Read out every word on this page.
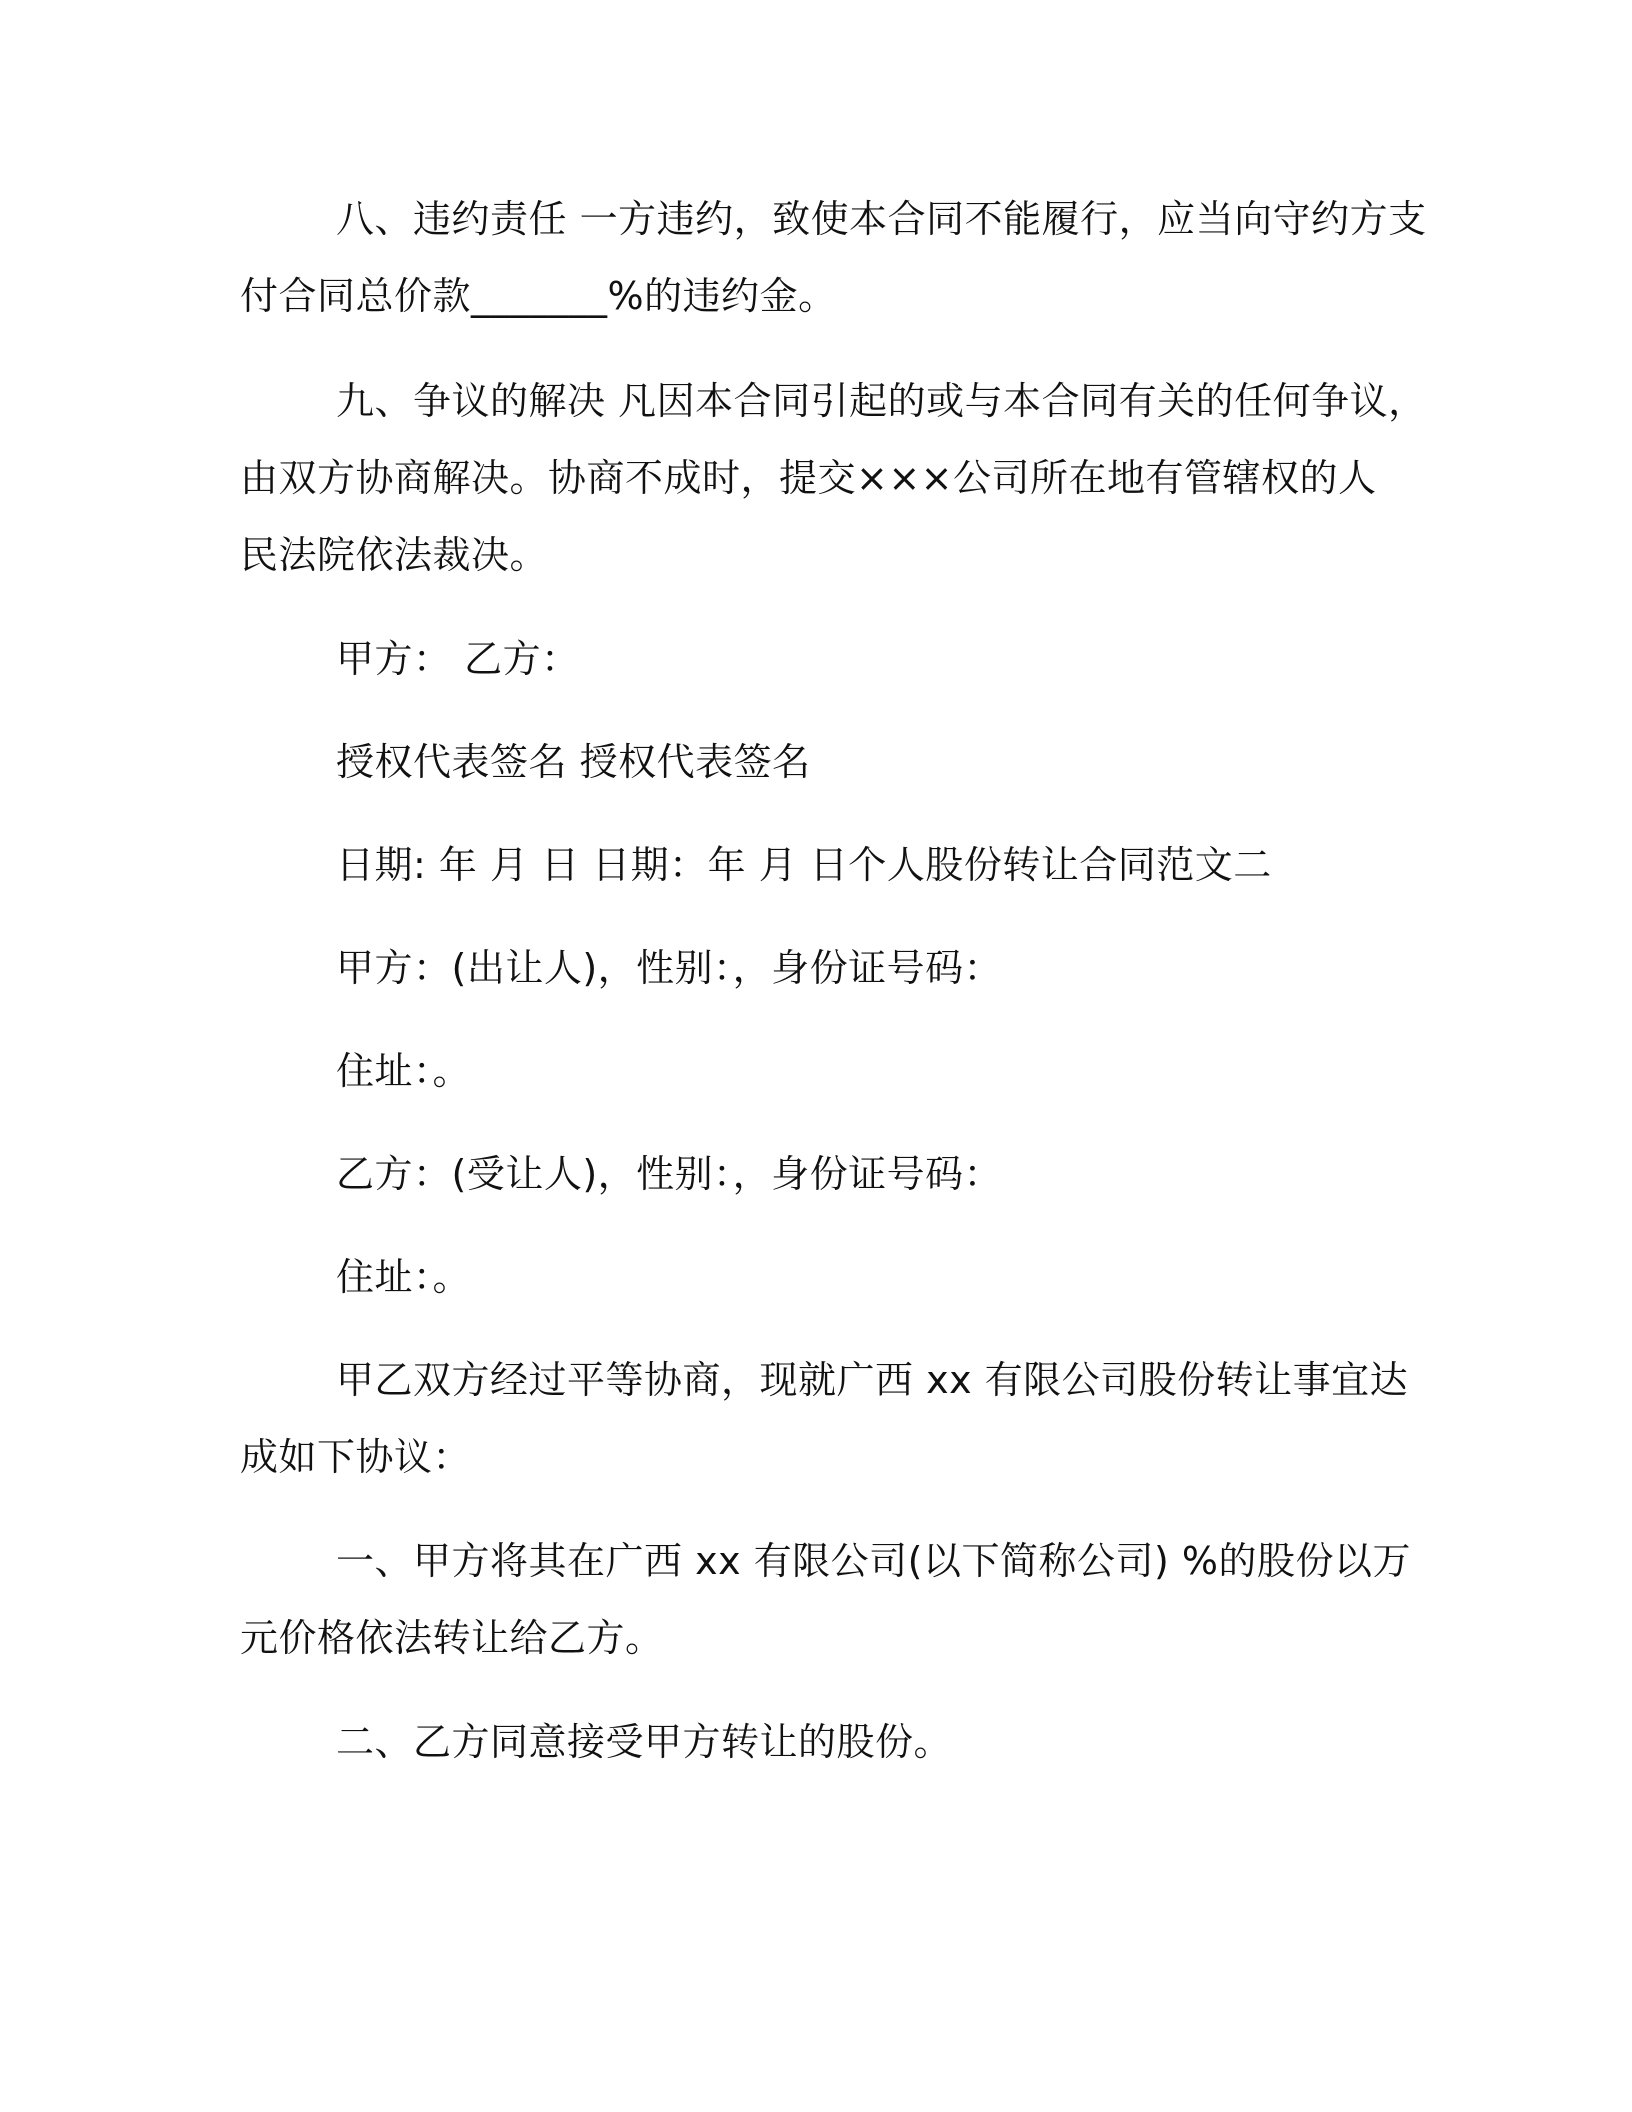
八、违约责任 一方违约，致使本合同不能履行，应当向守约方支
付合同总价款_______%的违约金。
九、争议的解决 凡因本合同引起的或与本合同有关的任何争议，
由双方协商解决。协商不成时，提交×××公司所在地有管辖权的人
民法院依法裁决。
甲方： 乙方：
授权代表签名 授权代表签名
日期: 年 月 日 日期：年 月 日个人股份转让合同范文二
甲方：(出让人)，性别：，身份证号码：
住址：。
乙方：(受让人)，性别：，身份证号码：
住址：。
甲乙双方经过平等协商，现就广西 xx 有限公司股份转让事宜达
成如下协议：
一、甲方将其在广西 xx 有限公司(以下简称公司) %的股份以万
元价格依法转让给乙方。
二、乙方同意接受甲方转让的股份。
